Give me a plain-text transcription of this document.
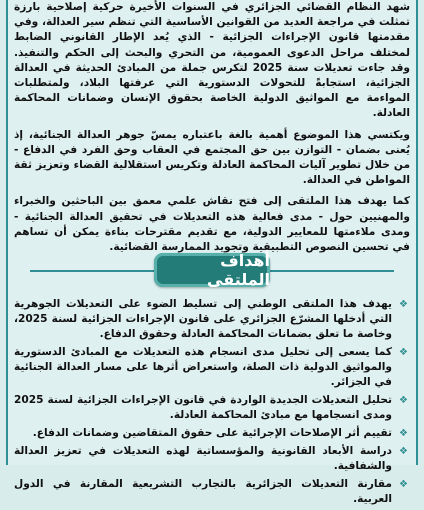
شهد النظام القضائي الجزائري في السنوات الأخيرة حركية إصلاحية بارزة تمثلت في مراجعة العديد من القوانين الأساسية التي تنظم سير العدالة، وفي مقدمتها قانون الإجراءات الجزائية - الذي يُعد الإطار القانوني الضابط لمختلف مراحل الدعوى العمومية، من التحري والبحث إلى الحكم والتنفيذ. وقد جاءت تعديلات سنة 2025 لتكرس جملة من المبادئ الحديثة في العدالة الجزائية، استجابةً للتحولات الدستورية التي عرفتها البلاد، ولمتطلبات المواءمة مع المواثيق الدولية الخاصة بحقوق الإنسان وضمانات المحاكمة العادلة.

ويكتسي هذا الموضوع أهمية بالغة باعتباره يمسّ جوهر العدالة الجنائية، إذ يُعنى بضمان - التوازن بين حق المجتمع في العقاب وحق الفرد في الدفاع - من خلال تطوير آليات المحاكمة العادلة وتكريس استقلالية القضاء وتعزيز ثقة المواطن في العدالة.

كما يهدف هذا الملتقى إلى فتح نقاش علمي معمق بين الباحثين والخبراء والمهنيين حول - مدى فعالية هذه التعديلات في تحقيق العدالة الجنائية - ومدى ملاءمتها للمعايير الدولية، مع تقديم مقترحات بناءة يمكن أن تساهم في تحسين النصوص التطبيقية وتجويد الممارسة القضائية.

أهداف الملتقى
❖
يهدف هذا الملتقى الوطني إلى تسليط الضوء على التعديلات الجوهرية التي أدخلها المشرّع الجزائري على قانون الإجراءات الجزائية لسنة 2025، وخاصة ما تعلق بضمانات المحاكمة العادلة وحقوق الدفاع.
❖
كما يسعى إلى تحليل مدى انسجام هذه التعديلات مع المبادئ الدستورية والمواثيق الدولية ذات الصلة، واستعراض أثرها على مسار العدالة الجنائية في الجزائر.
❖
تحليل التعديلات الجديدة الواردة في قانون الإجراءات الجزائية لسنة 2025 ومدى انسجامها مع مبادئ المحاكمة العادلة.
❖
تقييم أثر الإصلاحات الإجرائية على حقوق المتقاضين وضمانات الدفاع.
❖
دراسة الأبعاد القانونية والمؤسساتية لهذه التعديلات في تعزيز العدالة والشفافية.
❖
مقارنة التعديلات الجزائرية بالتجارب التشريعية المقارنة في الدول العربية.
